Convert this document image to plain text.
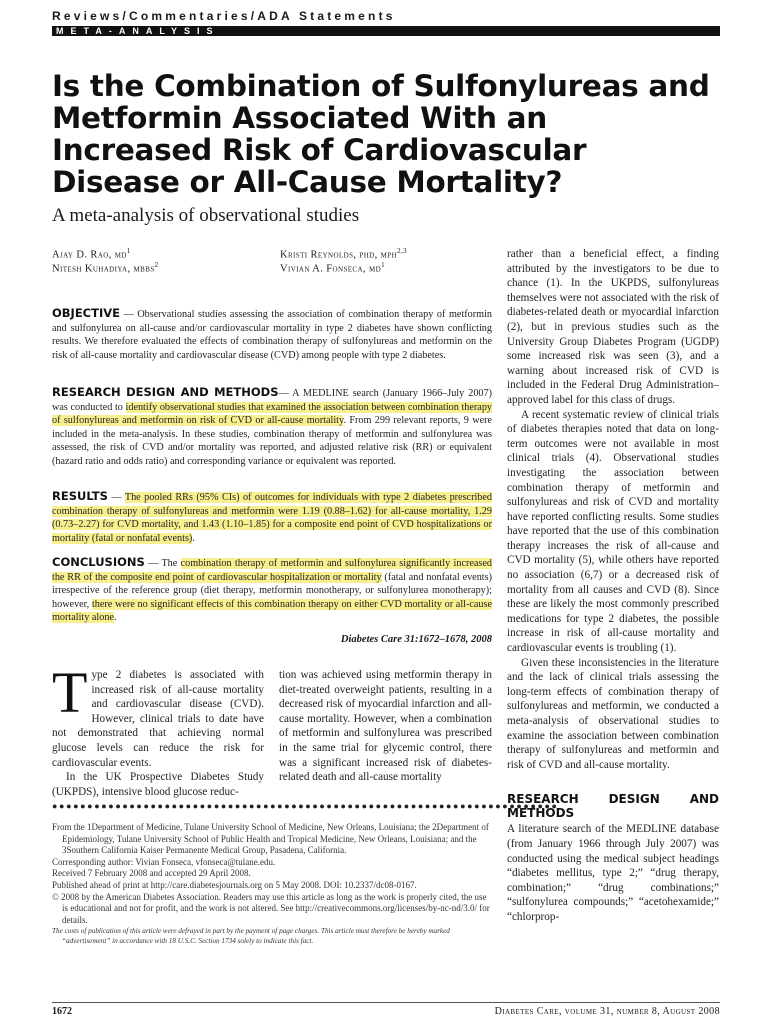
Reviews/Commentaries/ADA Statements
META-ANALYSIS
Is the Combination of Sulfonylureas and Metformin Associated With an Increased Risk of Cardiovascular Disease or All-Cause Mortality?
A meta-analysis of observational studies
Ajay D. Rao, $md^1$
Nitesh Kuhadiya, mbbs$^2$
Kristi Reynolds, phd, mph$^{2,3}$
Vivian A. Fonseca, $md^1$
OBJECTIVE — Observational studies assessing the association of combination therapy of metformin and sulfonylurea on all-cause and/or cardiovascular mortality in type 2 diabetes have shown conflicting results. We therefore evaluated the effects of combination therapy of sulfonylureas and metformin on the risk of all-cause mortality and cardiovascular disease (CVD) among people with type 2 diabetes.
RESEARCH DESIGN AND METHODS— A MEDLINE search (January 1966–July 2007) was conducted to identify observational studies that examined the association between combination therapy of sulfonylureas and metformin on risk of CVD or all-cause mortality. From 299 relevant reports, 9 were included in the meta-analysis. In these studies, combination therapy of metformin and sulfonylurea was assessed, the risk of CVD and/or mortality was reported, and adjusted relative risk (RR) or equivalent (hazard ratio and odds ratio) and corresponding variance or equivalent was reported.
RESULTS — The pooled RRs (95% CIs) of outcomes for individuals with type 2 diabetes prescribed combination therapy of sulfonylureas and metformin were 1.19 (0.88–1.62) for all-cause mortality, 1.29 (0.73–2.27) for CVD mortality, and 1.43 (1.10–1.85) for a composite end point of CVD hospitalizations or mortality (fatal or nonfatal events).
CONCLUSIONS — The combination therapy of metformin and sulfonylurea significantly increased the RR of the composite end point of cardiovascular hospitalization or mortality (fatal and nonfatal events) irrespective of the reference group (diet therapy, metformin monotherapy, or sulfonylurea monotherapy); however, there were no significant effects of this combination therapy on either CVD mortality or all-cause mortality alone.
Diabetes Care 31:1672–1678, 2008

Type 2 diabetes is associated with increased risk of all-cause mortality and cardiovascular disease (CVD). However, clinical trials to date have not demonstrated that achieving normal glucose levels can reduce the risk for cardiovascular events.

In the UK Prospective Diabetes Study (UKPDS), intensive blood glucose reduc-

tion was achieved using metformin therapy in diet-treated overweight patients, resulting in a decreased risk of myocardial infarction and all-cause mortality. However, when a combination of metformin and sulfonylurea was prescribed in the same trial for glycemic control, there was a significant increased risk of diabetes-related death and all-cause mortality

●●●●●●●●●●●●●●●●●●●●●●●●●●●●●●●●●●●●●●●●●●●●●●●●●●●●●●●●●●●●●●●●●●●●●●●●

From the 1Department of Medicine, Tulane University School of Medicine, New Orleans, Louisiana; the 2Department of Epidemiology, Tulane University School of Public Health and Tropical Medicine, New Orleans, Louisiana; and the 3Southern California Kaiser Permanente Medical Group, Pasadena, California.

Corresponding author: Vivian Fonseca, vfonseca@tulane.edu.

Received 7 February 2008 and accepted 29 April 2008.

Published ahead of print at http://care.diabetesjournals.org on 5 May 2008. DOI: 10.2337/dc08-0167.

© 2008 by the American Diabetes Association. Readers may use this article as long as the work is properly cited, the use is educational and not for profit, and the work is not altered. See http://creativecommons.org/licenses/by-nc-nd/3.0/ for details.

The costs of publication of this article were defrayed in part by the payment of page charges. This article must therefore be hereby marked “advertisement” in accordance with 18 U.S.C. Section 1734 solely to indicate this fact.

rather than a beneficial effect, a finding attributed by the investigators to be due to chance (1). In the UKPDS, sulfonylureas themselves were not associated with the risk of diabetes-related death or myocardial infarction (2), but in previous studies such as the University Group Diabetes Program (UGDP) some increased risk was seen (3), and a warning about increased risk of CVD is included in the Federal Drug Administration–approved label for this class of drugs.

A recent systematic review of clinical trials of diabetes therapies noted that data on long-term outcomes were not available in most clinical trials (4). Observational studies investigating the association between combination therapy of metformin and sulfonylureas and risk of CVD and mortality have reported conflicting results. Some studies have reported that the use of this combination therapy increases the risk of all-cause and CVD mortality (5), while others have reported no association (6,7) or a decreased risk of mortality from all causes and CVD (8). Since these are likely the most commonly prescribed medications for type 2 diabetes, the possible increase in risk of all-cause mortality and cardiovascular events is troubling (1).

Given these inconsistencies in the literature and the lack of clinical trials assessing the long-term effects of combination therapy of sulfonylureas and metformin, we conducted a meta-analysis of observational studies to examine the association between combination therapy of sulfonylureas and metformin and risk of CVD and all-cause mortality.

RESEARCH DESIGN AND METHODS

A literature search of the MEDLINE database (from January 1966 through July 2007) was conducted using the medical subject headings “diabetes mellitus, type 2;” “drug therapy, combination;” “drug combinations;” “sulfonylurea compounds;” “acetohexamide;” “chlorprop-

1672	Diabetes Care, volume 31, number 8, August 2008
